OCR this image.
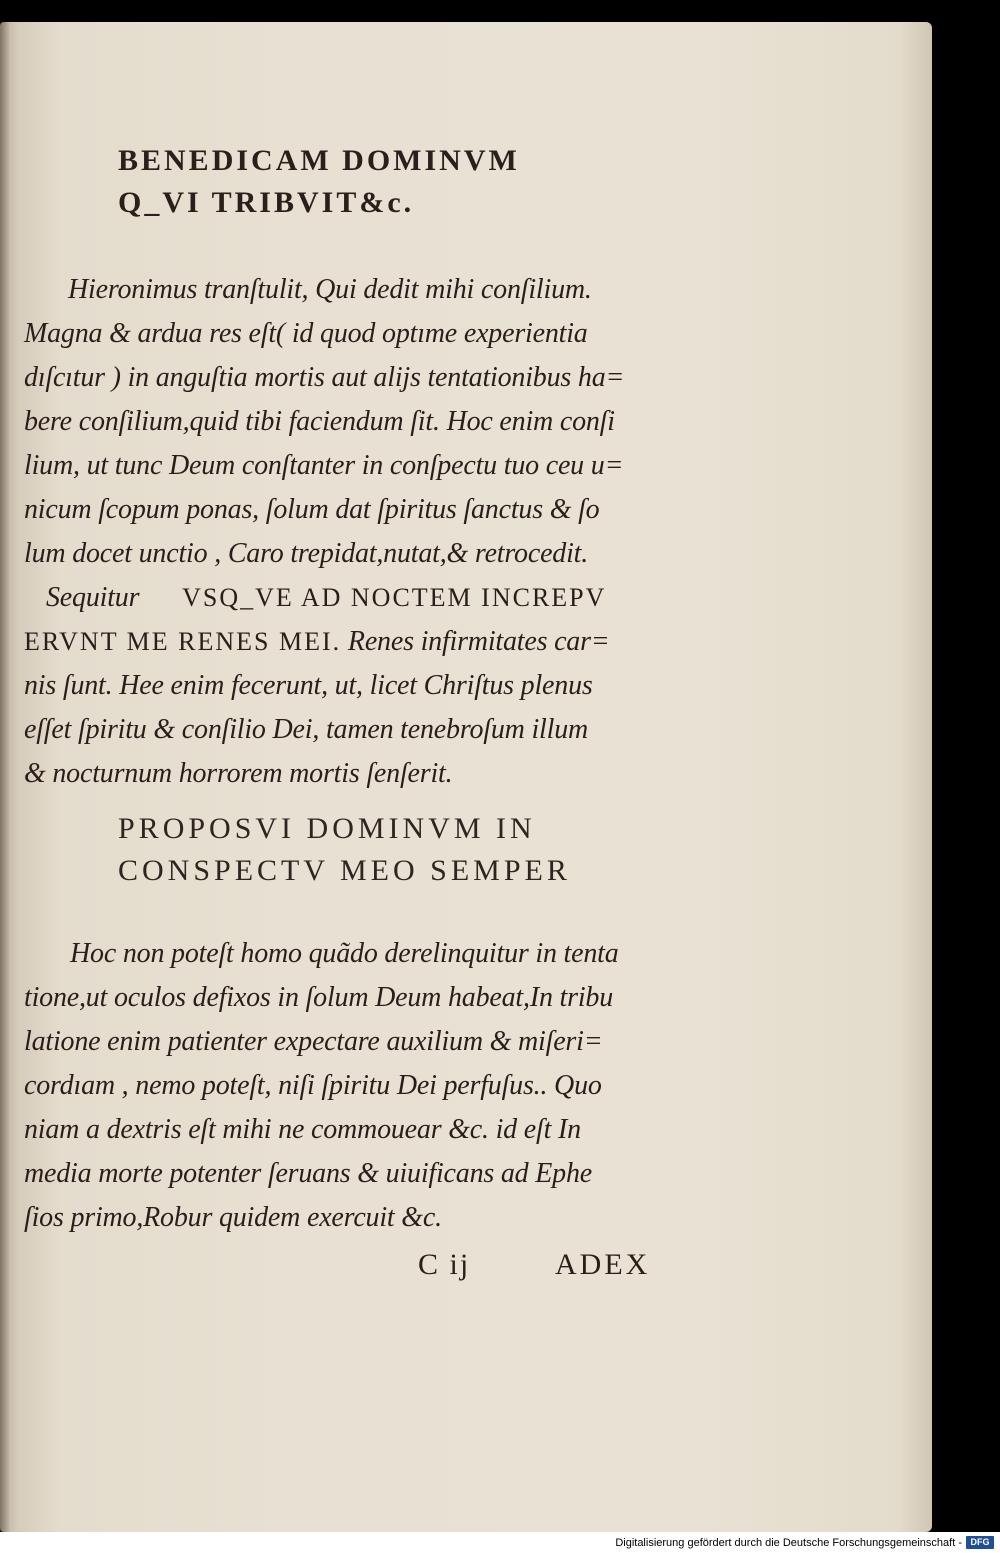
BENEDICAM DOMINVM
Q_VI TRIBVIT&c.
Hieronimus tranſtulit, Qui dedit mihi conſilium.
Magna & ardua res eſt( id quod optıme experientia
dıſcıtur ) in anguſtia mortis aut alijs tentationibus ha=
bere conſilium,quid tibi faciendum ſit. Hoc enim conſi
lium, ut tunc Deum conſtanter in conſpectu tuo ceu u=
nicum ſcopum ponas, ſolum dat ſpiritus ſanctus & ſo
lum docet unctio , Caro trepidat,nutat,& retrocedit.
Sequitur VSQ_VE AD NOCTEM INCREPV
ERVNT ME RENES MEI. Renes infirmitates car=
nis ſunt. Hee enim fecerunt, ut, licet Chriſtus plenus
eſſet ſpiritu & conſilio Dei, tamen tenebroſum illum
& nocturnum horrorem mortis ſenſerit.
PROPOSVI DOMINVM IN
CONSPECTV MEO SEMPER
Hoc non poteſt homo quãdo derelinquitur in tenta
tione,ut oculos defixos in ſolum Deum habeat,In tribu
latione enim patienter expectare auxilium & miſeri=
cordıam , nemo poteſt, niſi ſpiritu Dei perfuſus.. Quo
niam a dextris eſt mihi ne commouear &c. id eſt In
media morte potenter ſeruans & uiuificans ad Ephe
ſios primo,Robur quidem exercuit &c.
C ij	ADEX
Digitalisierung gefördert durch die Deutsche Forschungsgemeinschaft - DFG
